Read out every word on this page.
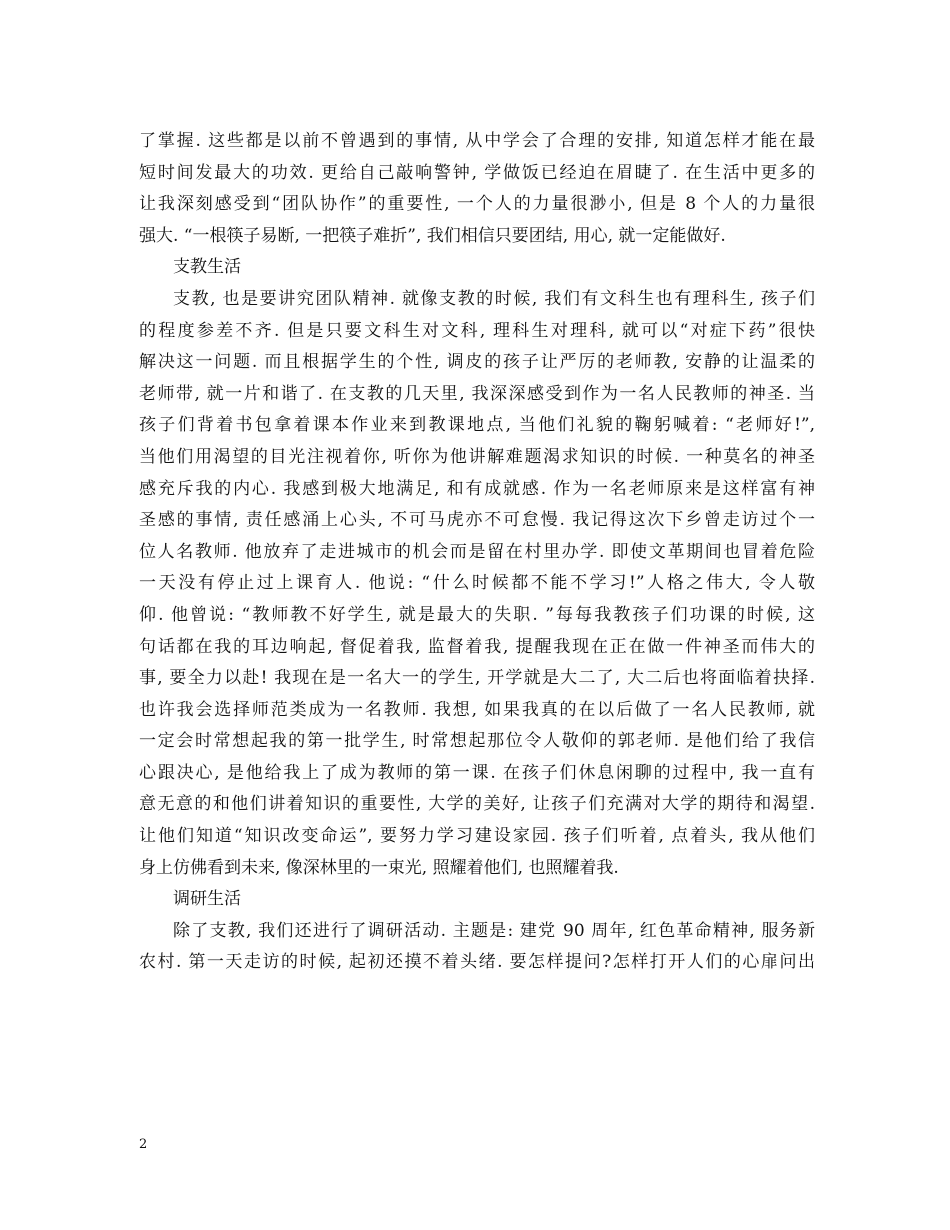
了掌握. 这些都是以前不曾遇到的事情, 从中学会了合理的安排, 知道怎样才能在最
短时间发最大的功效. 更给自己敲响警钟, 学做饭已经迫在眉睫了. 在生活中更多的
让我深刻感受到“团队协作”的重要性, 一个人的力量很渺小, 但是 8 个人的力量很
强大. “一根筷子易断, 一把筷子难折”, 我们相信只要团结, 用心, 就一定能做好.
支教生活
支教, 也是要讲究团队精神. 就像支教的时候, 我们有文科生也有理科生, 孩子们
的程度参差不齐. 但是只要文科生对文科, 理科生对理科, 就可以“对症下药”很快
解决这一问题. 而且根据学生的个性, 调皮的孩子让严厉的老师教, 安静的让温柔的
老师带, 就一片和谐了. 在支教的几天里, 我深深感受到作为一名人民教师的神圣. 当
孩子们背着书包拿着课本作业来到教课地点, 当他们礼貌的鞠躬喊着: “老师好!”,
当他们用渴望的目光注视着你, 听你为他讲解难题渴求知识的时候. 一种莫名的神圣
感充斥我的内心. 我感到极大地满足, 和有成就感. 作为一名老师原来是这样富有神
圣感的事情, 责任感涌上心头, 不可马虎亦不可怠慢. 我记得这次下乡曾走访过个一
位人名教师. 他放弃了走进城市的机会而是留在村里办学. 即使文革期间也冒着危险
一天没有停止过上课育人. 他说: “什么时候都不能不学习!”人格之伟大, 令人敬
仰. 他曾说: “教师教不好学生, 就是最大的失职. ”每每我教孩子们功课的时候, 这
句话都在我的耳边响起, 督促着我, 监督着我, 提醒我现在正在做一件神圣而伟大的
事, 要全力以赴! 我现在是一名大一的学生, 开学就是大二了, 大二后也将面临着抉择.
也许我会选择师范类成为一名教师. 我想, 如果我真的在以后做了一名人民教师, 就
一定会时常想起我的第一批学生, 时常想起那位令人敬仰的郭老师. 是他们给了我信
心跟决心, 是他给我上了成为教师的第一课. 在孩子们休息闲聊的过程中, 我一直有
意无意的和他们讲着知识的重要性, 大学的美好, 让孩子们充满对大学的期待和渴望.
让他们知道“知识改变命运”, 要努力学习建设家园. 孩子们听着, 点着头, 我从他们
身上仿佛看到未来, 像深林里的一束光, 照耀着他们, 也照耀着我.
调研生活
除了支教, 我们还进行了调研活动. 主题是: 建党 90 周年, 红色革命精神, 服务新
农村. 第一天走访的时候, 起初还摸不着头绪. 要怎样提问?怎样打开人们的心扉问出
2
